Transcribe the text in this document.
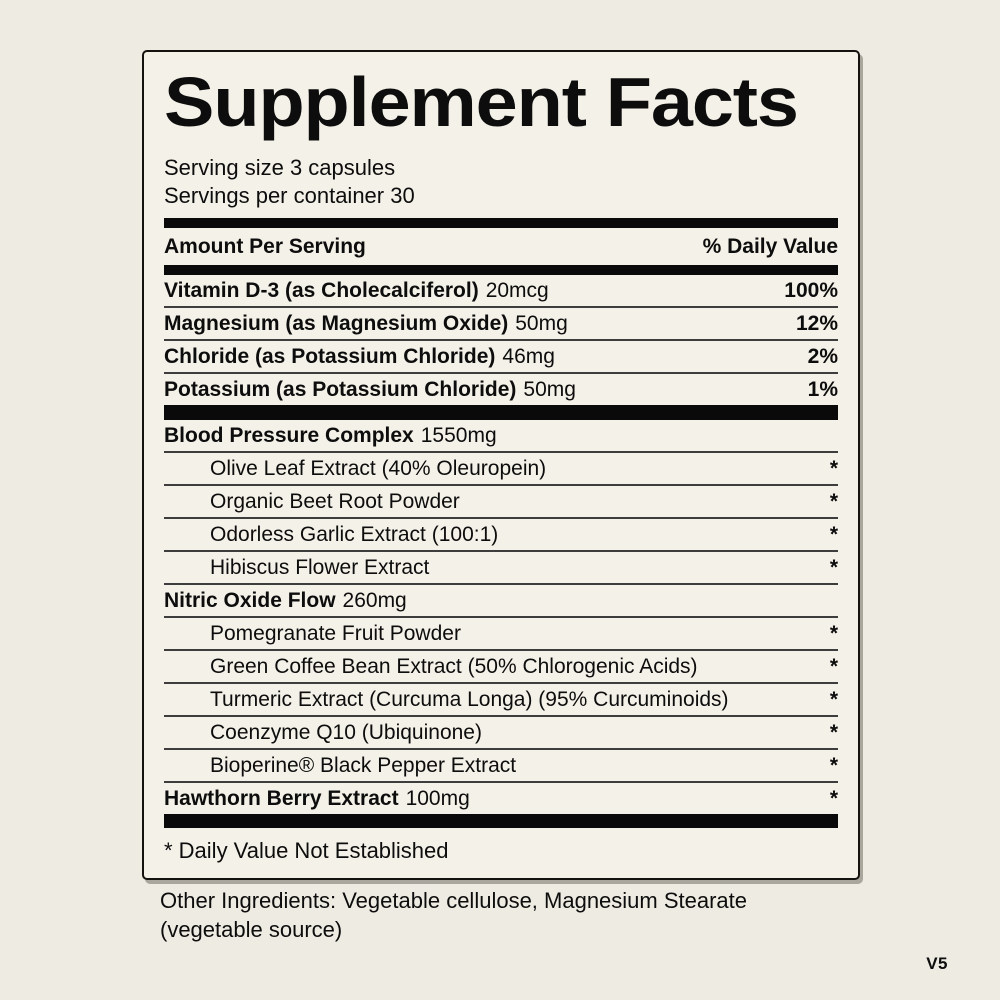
Supplement Facts
Serving size 3 capsules
Servings per container 30
Amount Per Serving	% Daily Value
Vitamin D-3 (as Cholecalciferol) 20mcg	100%
Magnesium (as Magnesium Oxide) 50mg	12%
Chloride (as Potassium Chloride) 46mg	2%
Potassium (as Potassium Chloride) 50mg	1%
Blood Pressure Complex 1550mg
Olive Leaf Extract (40% Oleuropein)	*
Organic Beet Root Powder	*
Odorless Garlic Extract (100:1)	*
Hibiscus Flower Extract	*
Nitric Oxide Flow 260mg
Pomegranate Fruit Powder	*
Green Coffee Bean Extract (50% Chlorogenic Acids)	*
Turmeric Extract (Curcuma Longa) (95% Curcuminoids)	*
Coenzyme Q10 (Ubiquinone)	*
Bioperine® Black Pepper Extract	*
Hawthorn Berry Extract 100mg	*
* Daily Value Not Established
Other Ingredients: Vegetable cellulose, Magnesium Stearate (vegetable source)
V5
